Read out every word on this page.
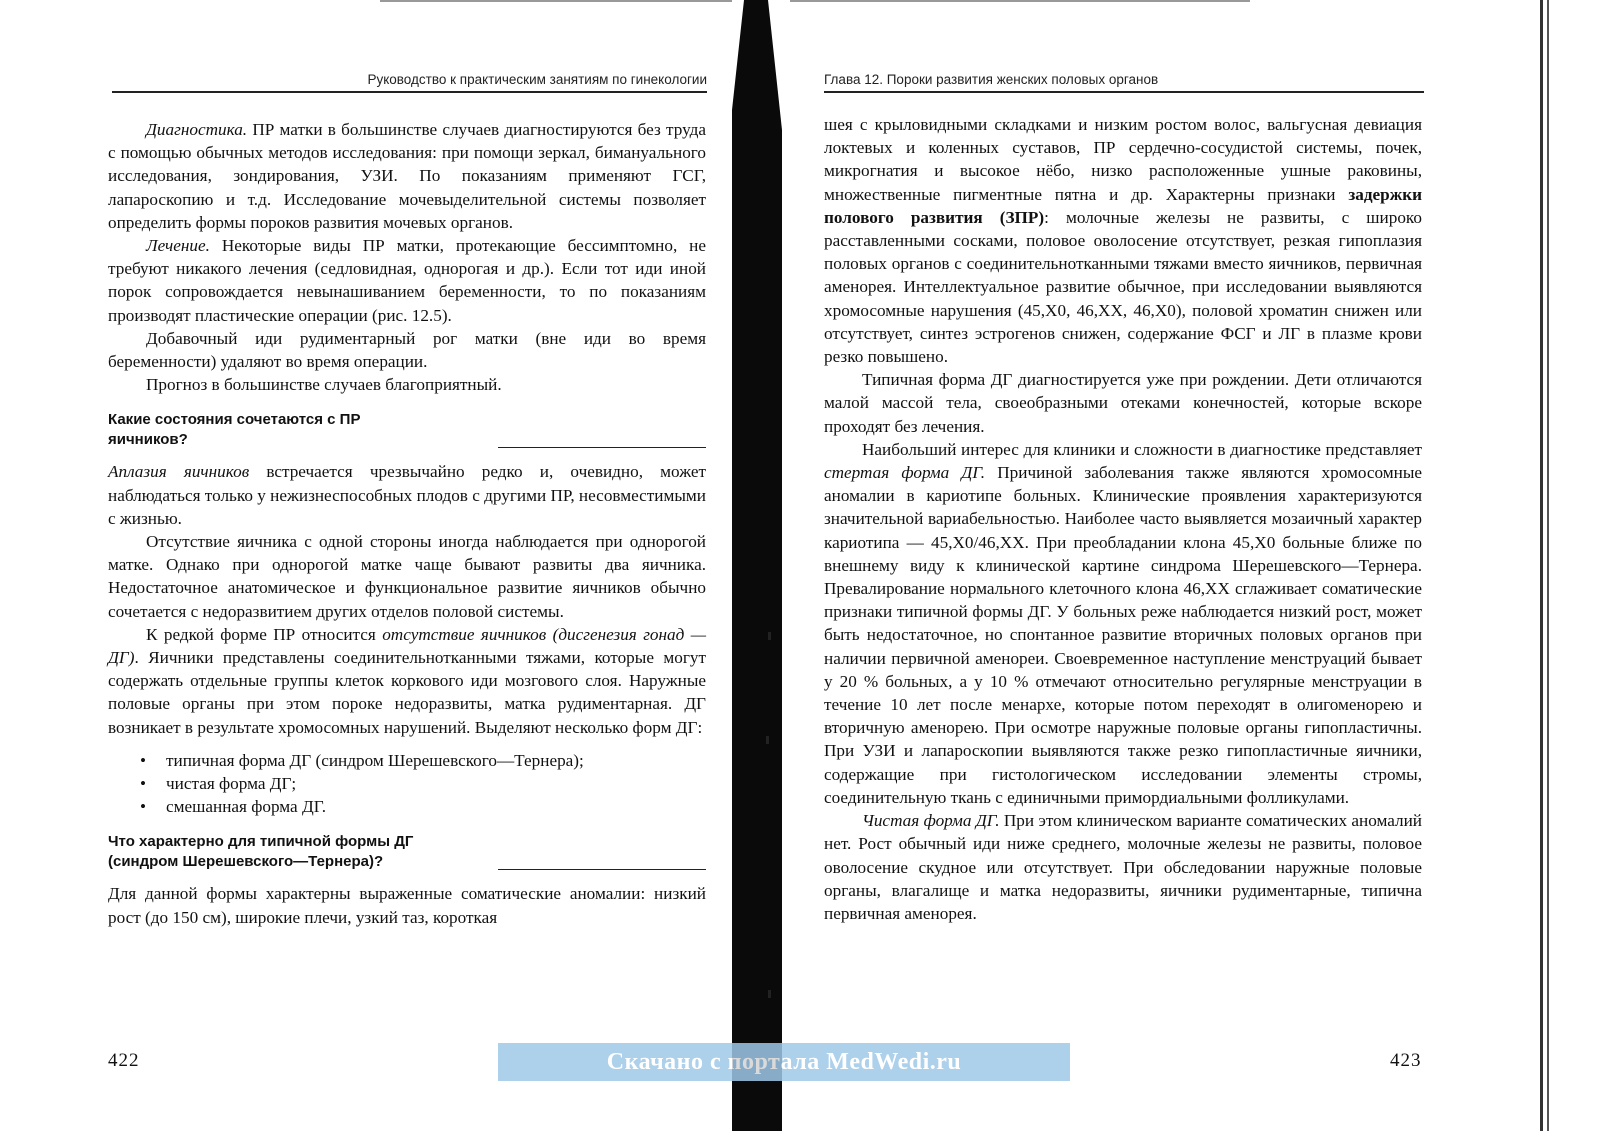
Руководство к практическим занятиям по гинекологии

Диагностика. ПР матки в большинстве случаев диагностируются без труда с помощью обычных методов исследования: при помощи зеркал, бимануального исследования, зондирования, УЗИ. По показаниям применяют ГСГ, лапароскопию и т.д. Исследование мочевыделительной системы позволяет определить формы пороков развития мочевых органов.

Лечение. Некоторые виды ПР матки, протекающие бессимптомно, не требуют никакого лечения (седловидная, однорогая и др.). Если тот иди иной порок сопровождается невынашиванием беременности, то по показаниям производят пластические операции (рис. 12.5).

Добавочный иди рудиментарный рог матки (вне иди во время беременности) удаляют во время операции.

Прогноз в большинстве случаев благоприятный.

Какие состояния сочетаются с ПР
яичников?

Аплазия яичников встречается чрезвычайно редко и, очевидно, может наблюдаться только у нежизнеспособных плодов с другими ПР, несовместимыми с жизнью.

Отсутствие яичника с одной стороны иногда наблюдается при однорогой матке. Однако при однорогой матке чаще бывают развиты два яичника. Недостаточное анатомическое и функциональное развитие яичников обычно сочетается с недоразвитием других отделов половой системы.

К редкой форме ПР относится отсутствие яичников (дисгенезия гонад — ДГ). Яичники представлены соединительнотканными тяжами, которые могут содержать отдельные группы клеток коркового иди мозгового слоя. Наружные половые органы при этом пороке недоразвиты, матка рудиментарная. ДГ возникает в результате хромосомных нарушений. Выделяют несколько форм ДГ:

• типичная форма ДГ (синдром Шерешевского—Тернера);
• чистая форма ДГ;
• смешанная форма ДГ.
Что характерно для типичной формы ДГ
(синдром Шерешевского—Тернера)?

Для данной формы характерны выраженные соматические аномалии: низкий рост (до 150 см), широкие плечи, узкий таз, короткая

422
Глава 12. Пороки развития женских половых органов

шея с крыловидными складками и низким ростом волос, вальгусная девиация локтевых и коленных суставов, ПР сердечно-сосудистой системы, почек, микрогнатия и высокое нёбо, низко расположенные ушные раковины, множественные пигментные пятна и др. Характерны признаки задержки полового развития (ЗПР): молочные железы не развиты, с широко расставленными сосками, половое оволосение отсутствует, резкая гипоплазия половых органов с соединительнотканными тяжами вместо яичников, первичная аменорея. Интеллектуальное развитие обычное, при исследовании выявляются хромосомные нарушения (45,Х0, 46,ХХ, 46,Х0), половой хроматин снижен или отсутствует, синтез эстрогенов снижен, содержание ФСГ и ЛГ в плазме крови резко повышено.

Типичная форма ДГ диагностируется уже при рождении. Дети отличаются малой массой тела, своеобразными отеками конечностей, которые вскоре проходят без лечения.

Наибольший интерес для клиники и сложности в диагностике представляет стертая форма ДГ. Причиной заболевания также являются хромосомные аномалии в кариотипе больных. Клинические проявления характеризуются значительной вариабельностью. Наиболее часто выявляется мозаичный характер кариотипа — 45,Х0/46,ХХ. При преобладании клона 45,Х0 больные ближе по внешнему виду к клинической картине синдрома Шерешевского—Тернера. Превалирование нормального клеточного клона 46,ХХ сглаживает соматические признаки типичной формы ДГ. У больных реже наблюдается низкий рост, может быть недостаточное, но спонтанное развитие вторичных половых органов при наличии первичной аменореи. Своевременное наступление менструаций бывает у 20 % больных, а у 10 % отмечают относительно регулярные менструации в течение 10 лет после менархе, которые потом переходят в олигоменорею и вторичную аменорею. При осмотре наружные половые органы гипопластичны. При УЗИ и лапароскопии выявляются также резко гипопластичные яичники, содержащие при гистологическом исследовании элементы стромы, соединительную ткань с единичными примордиальными фолликулами.

Чистая форма ДГ. При этом клиническом варианте соматических аномалий нет. Рост обычный иди ниже среднего, молочные железы не развиты, половое оволосение скудное или отсутствует. При обследовании наружные половые органы, влагалище и матка недоразвиты, яичники рудиментарные, типична первичная аменорея.

423
Скачано с портала MedWedi.ru
